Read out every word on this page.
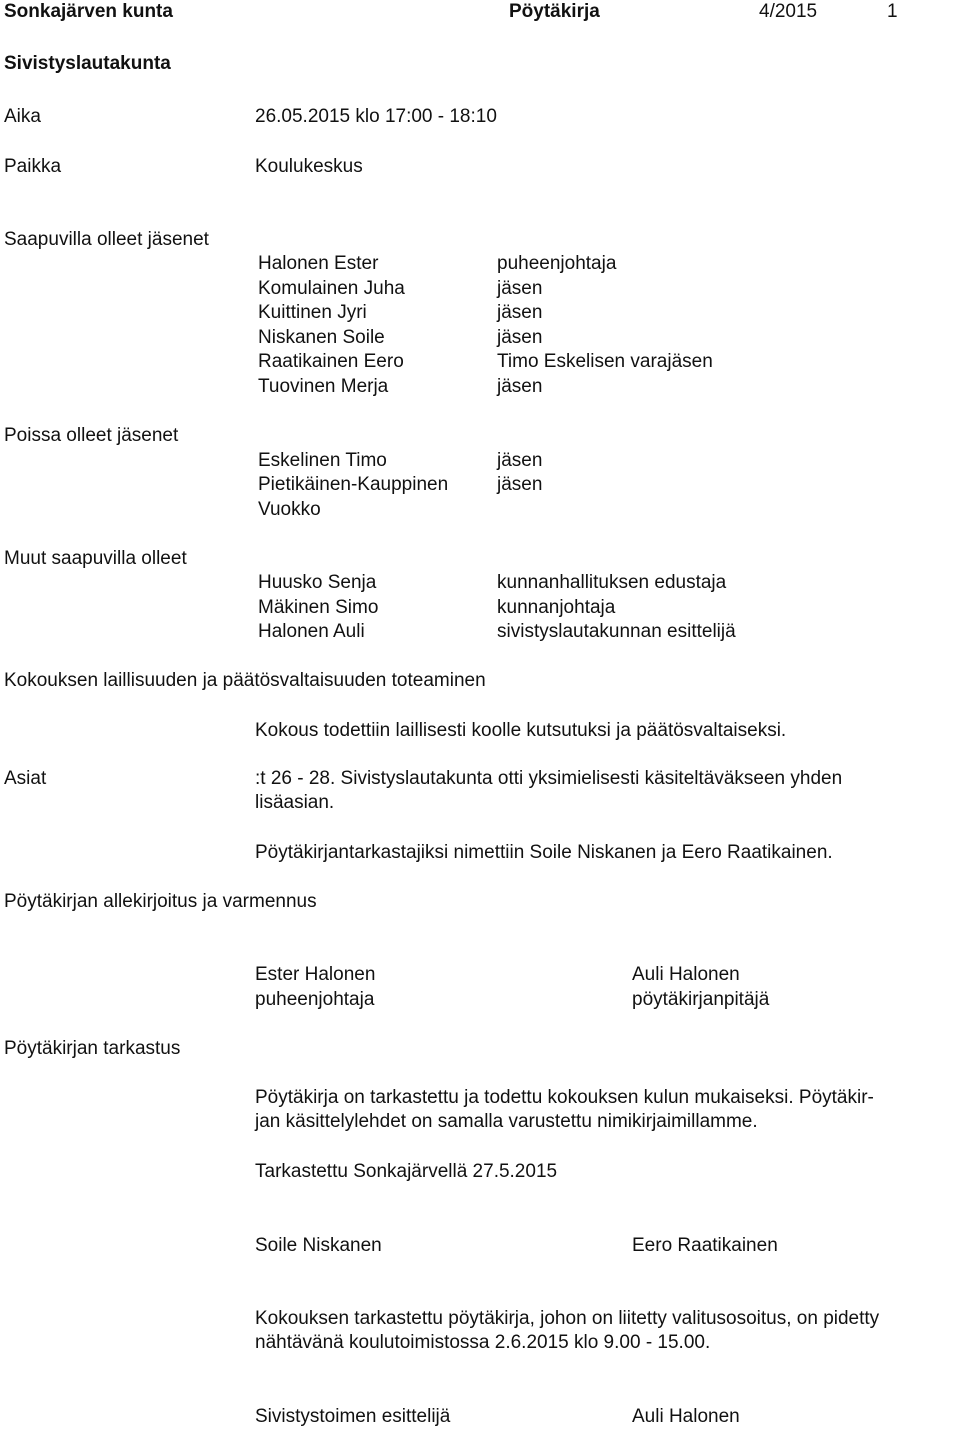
Sonkajärven kunta	Pöytäkirja	4/2015	1
Sivistyslautakunta
Aika	26.05.2015 klo 17:00 - 18:10
Paikka	Koulukeskus
Saapuvilla olleet jäsenet
Halonen Ester	puheenjohtaja
Komulainen Juha	jäsen
Kuittinen Jyri	jäsen
Niskanen Soile	jäsen
Raatikainen Eero	Timo Eskelisen varajäsen
Tuovinen Merja	jäsen
Poissa olleet jäsenet
Eskelinen Timo	jäsen
Pietikäinen-Kauppinen	jäsen
Vuokko
Muut saapuvilla olleet
Huusko Senja	kunnanhallituksen edustaja
Mäkinen Simo	kunnanjohtaja
Halonen Auli	sivistyslautakunnan esittelijä
Kokouksen laillisuuden ja päätösvaltaisuuden toteaminen
Kokous todettiin laillisesti koolle kutsutuksi ja päätösvaltaiseksi.
Asiat	:t 26 - 28. Sivistyslautakunta otti yksimielisesti käsiteltäväkseen yhden
lisäasian.
Pöytäkirjantarkastajiksi nimettiin Soile Niskanen ja Eero Raatikainen.
Pöytäkirjan allekirjoitus ja varmennus
Ester Halonen
puheenjohtaja
Auli Halonen
pöytäkirjanpitäjä
Pöytäkirjan tarkastus
Pöytäkirja on tarkastettu ja todettu kokouksen kulun mukaiseksi. Pöytäkir-
jan käsittelylehdet on samalla varustettu nimikirjaimillamme.
Tarkastettu Sonkajärvellä 27.5.2015
Soile Niskanen	Eero Raatikainen
Kokouksen tarkastettu pöytäkirja, johon on liitetty valitusosoitus, on pidetty
nähtävänä koulutoimistossa 2.6.2015 klo 9.00 - 15.00.
Sivistystoimen esittelijä	Auli Halonen
